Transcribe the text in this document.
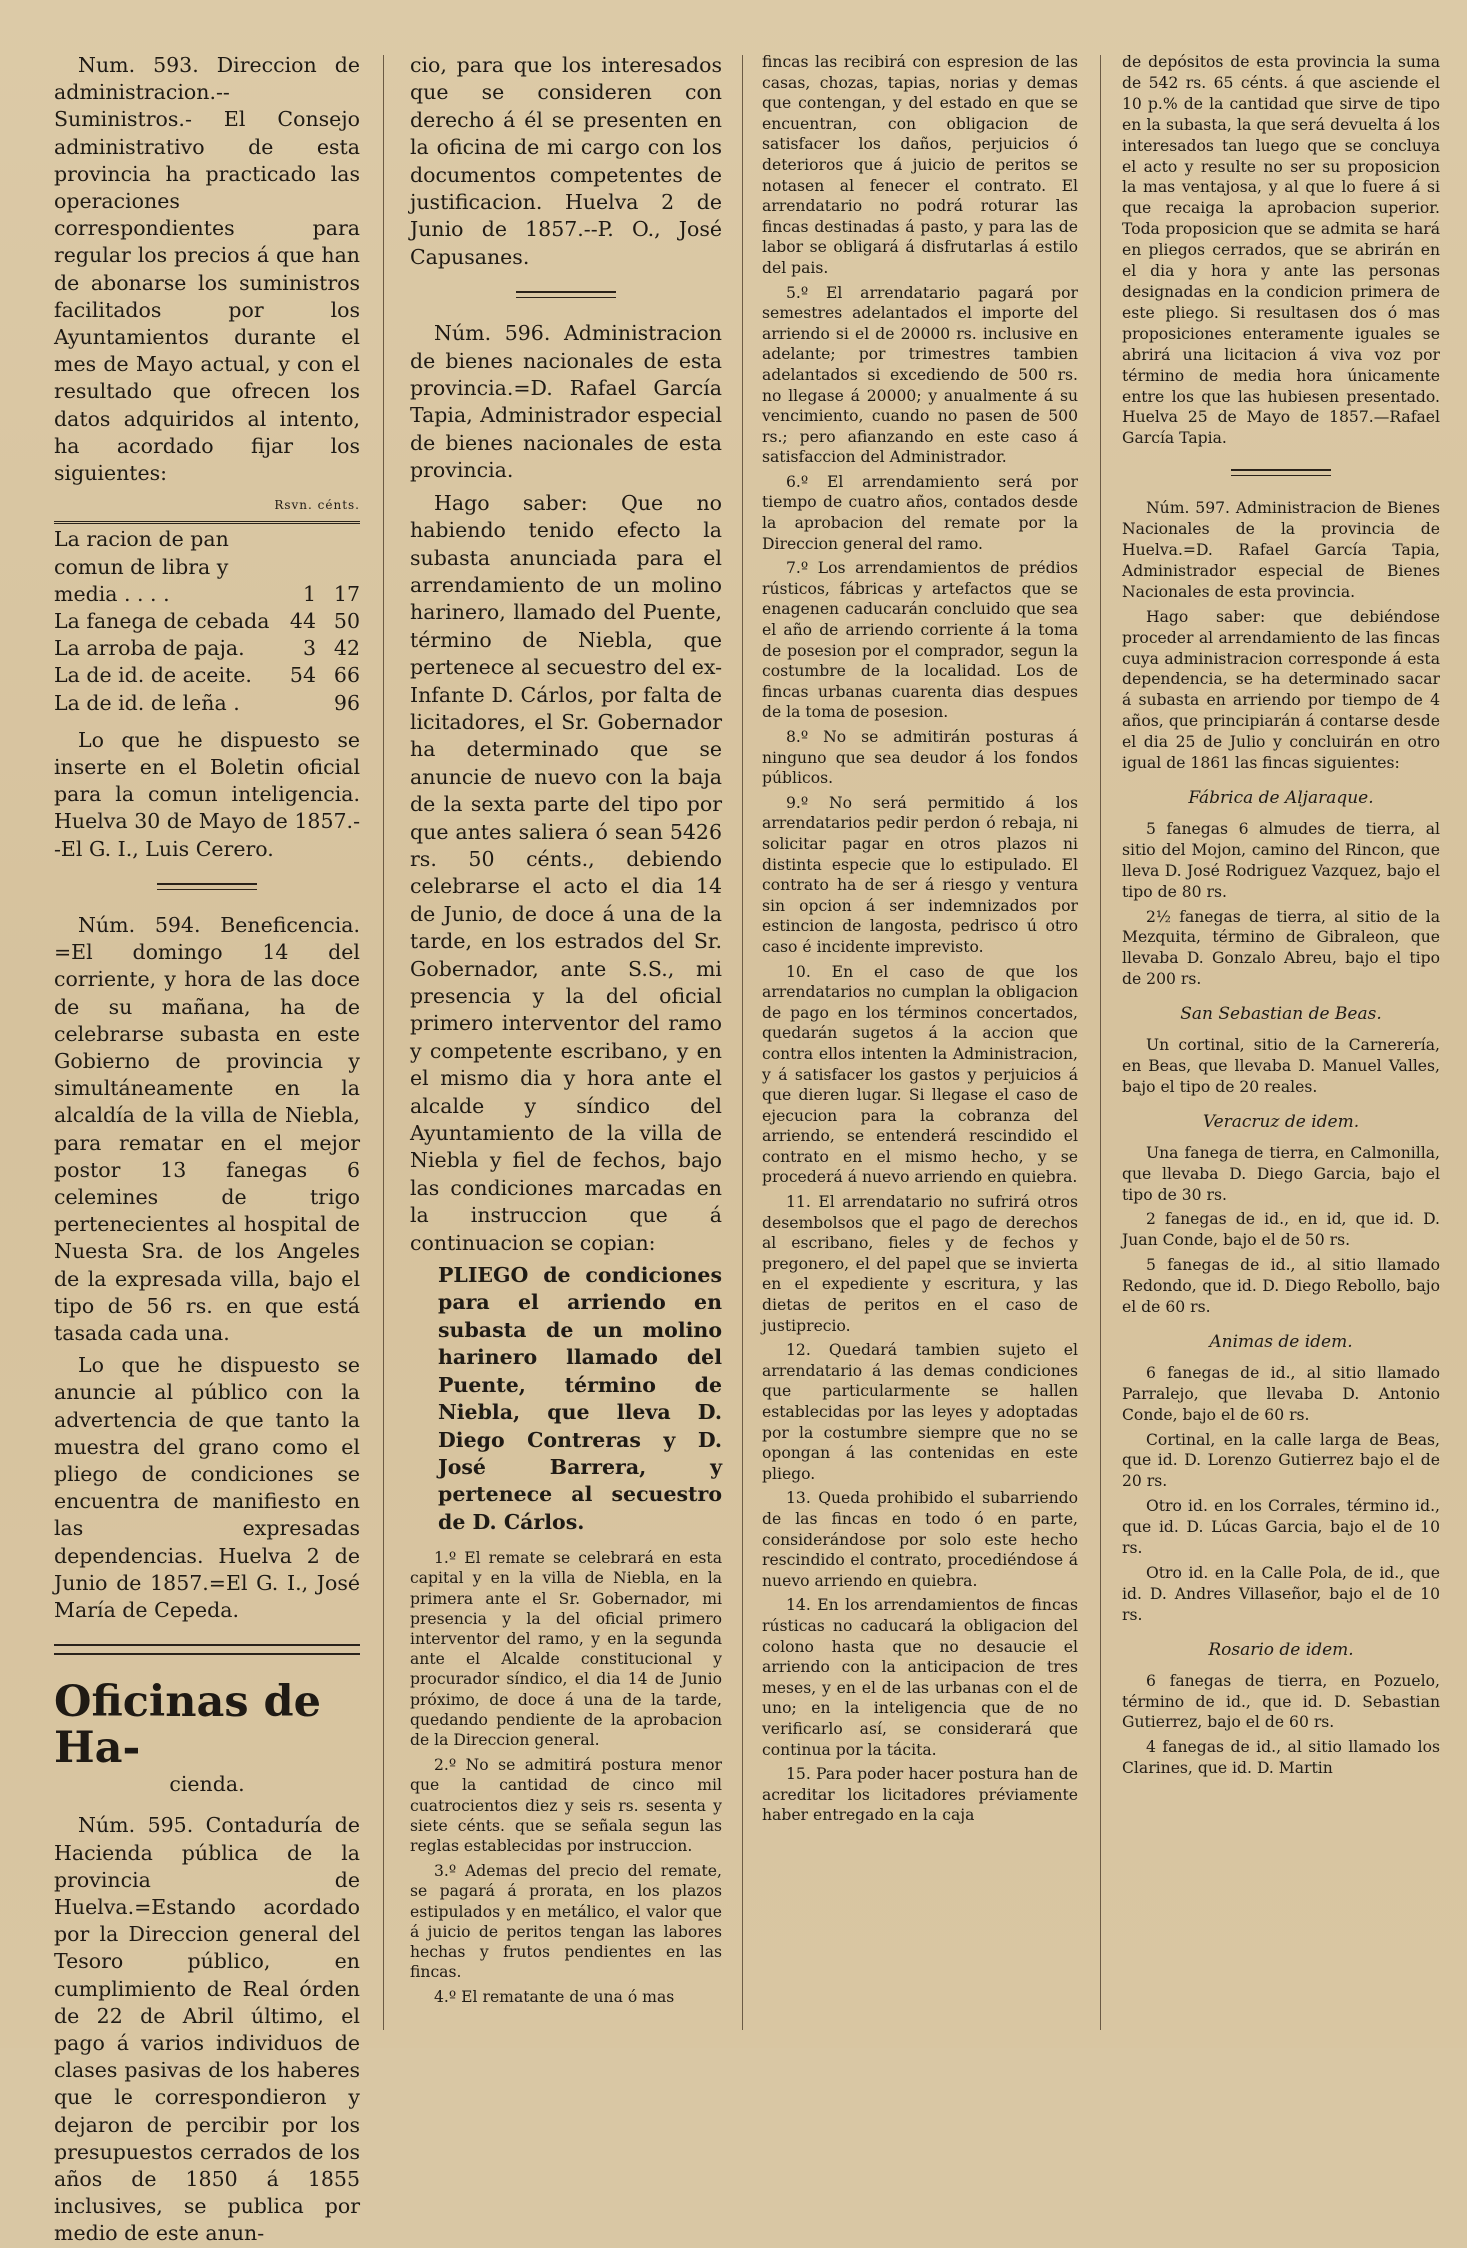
Num. 593. Direccion de administracion.--Suministros.- El Consejo administrativo de esta provincia ha practicado las operaciones correspondientes para regular los precios á que han de abonarse los suministros facilitados por los Ayuntamientos durante el mes de Mayo actual, y con el resultado que ofrecen los datos adquiridos al intento, ha acordado fijar los siguientes:

Rsvn. cénts.
La racion de pan comun de libra y media . . . .	1	17
La fanega de cebada	44	50
La arroba de paja.	3	42
La de id. de aceite.	54	66
La de id. de leña .		96

Lo que he dispuesto se inserte en el Boletin oficial para la comun inteligencia. Huelva 30 de Mayo de 1857.--El G. I., Luis Cerero.

Núm. 594. Beneficencia. =El domingo 14 del corriente, y hora de las doce de su mañana, ha de celebrarse subasta en este Gobierno de provincia y simultáneamente en la alcaldía de la villa de Niebla, para rematar en el mejor postor 13 fanegas 6 celemines de trigo pertenecientes al hospital de Nuesta Sra. de los Angeles de la expresada villa, bajo el tipo de 56 rs. en que está tasada cada una.

Lo que he dispuesto se anuncie al público con la advertencia de que tanto la muestra del grano como el pliego de condiciones se encuentra de manifiesto en las expresadas dependencias. Huelva 2 de Junio de 1857.=El G. I., José María de Cepeda.

Oficinas de Ha-
cienda.

Núm. 595. Contaduría de Hacienda pública de la provincia de Huelva.=Estando acordado por la Direccion general del Tesoro público, en cumplimiento de Real órden de 22 de Abril último, el pago á varios individuos de clases pasivas de los haberes que le correspondieron y dejaron de percibir por los presupuestos cerrados de los años de 1850 á 1855 inclusives, se publica por medio de este anun-

cio, para que los interesados que se consideren con derecho á él se presenten en la oficina de mi cargo con los documentos competentes de justificacion. Huelva 2 de Junio de 1857.--P. O., José Capusanes.

Núm. 596. Administracion de bienes nacionales de esta provincia.=D. Rafael García Tapia, Administrador especial de bienes nacionales de esta provincia.

Hago saber: Que no habiendo tenido efecto la subasta anunciada para el arrendamiento de un molino harinero, llamado del Puente, término de Niebla, que pertenece al secuestro del ex-Infante D. Cárlos, por falta de licitadores, el Sr. Gobernador ha determinado que se anuncie de nuevo con la baja de la sexta parte del tipo por que antes saliera ó sean 5426 rs. 50 cénts., debiendo celebrarse el acto el dia 14 de Junio, de doce á una de la tarde, en los estrados del Sr. Gobernador, ante S.S., mi presencia y la del oficial primero interventor del ramo y competente escribano, y en el mismo dia y hora ante el alcalde y síndico del Ayuntamiento de la villa de Niebla y fiel de fechos, bajo las condiciones marcadas en la instruccion que á continuacion se copian:

PLIEGO de condiciones para el arriendo en subasta de un molino harinero llamado del Puente, término de Niebla, que lleva D. Diego Contreras y D. José Barrera, y pertenece al secuestro de D. Cárlos.

1.º El remate se celebrará en esta capital y en la villa de Niebla, en la primera ante el Sr. Gobernador, mi presencia y la del oficial primero interventor del ramo, y en la segunda ante el Alcalde constitucional y procurador síndico, el dia 14 de Junio próximo, de doce á una de la tarde, quedando pendiente de la aprobacion de la Direccion general.

2.º No se admitirá postura menor que la cantidad de cinco mil cuatrocientos diez y seis rs. sesenta y siete cénts. que se señala segun las reglas establecidas por instruccion.

3.º Ademas del precio del remate, se pagará á prorata, en los plazos estipulados y en metálico, el valor que á juicio de peritos tengan las labores hechas y frutos pendientes en las fincas.

4.º El rematante de una ó mas

fincas las recibirá con espresion de las casas, chozas, tapias, norias y demas que contengan, y del estado en que se encuentran, con obligacion de satisfacer los daños, perjuicios ó deterioros que á juicio de peritos se notasen al fenecer el contrato. El arrendatario no podrá roturar las fincas destinadas á pasto, y para las de labor se obligará á disfrutarlas á estilo del pais.

5.º El arrendatario pagará por semestres adelantados el importe del arriendo si el de 20000 rs. inclusive en adelante; por trimestres tambien adelantados si excediendo de 500 rs. no llegase á 20000; y anualmente á su vencimiento, cuando no pasen de 500 rs.; pero afianzando en este caso á satisfaccion del Administrador.

6.º El arrendamiento será por tiempo de cuatro años, contados desde la aprobacion del remate por la Direccion general del ramo.

7.º Los arrendamientos de prédios rústicos, fábricas y artefactos que se enagenen caducarán concluido que sea el año de arriendo corriente á la toma de posesion por el comprador, segun la costumbre de la localidad. Los de fincas urbanas cuarenta dias despues de la toma de posesion.

8.º No se admitirán posturas á ninguno que sea deudor á los fondos públicos.

9.º No será permitido á los arrendatarios pedir perdon ó rebaja, ni solicitar pagar en otros plazos ni distinta especie que lo estipulado. El contrato ha de ser á riesgo y ventura sin opcion á ser indemnizados por estincion de langosta, pedrisco ú otro caso é incidente imprevisto.

10. En el caso de que los arrendatarios no cumplan la obligacion de pago en los términos concertados, quedarán sugetos á la accion que contra ellos intenten la Administracion, y á satisfacer los gastos y perjuicios á que dieren lugar. Si llegase el caso de ejecucion para la cobranza del arriendo, se entenderá rescindido el contrato en el mismo hecho, y se procederá á nuevo arriendo en quiebra.

11. El arrendatario no sufrirá otros desembolsos que el pago de derechos al escribano, fieles y de fechos y pregonero, el del papel que se invierta en el expediente y escritura, y las dietas de peritos en el caso de justiprecio.

12. Quedará tambien sujeto el arrendatario á las demas condiciones que particularmente se hallen establecidas por las leyes y adoptadas por la costumbre siempre que no se opongan á las contenidas en este pliego.

13. Queda prohibido el subarriendo de las fincas en todo ó en parte, considerándose por solo este hecho rescindido el contrato, procediéndose á nuevo arriendo en quiebra.

14. En los arrendamientos de fincas rústicas no caducará la obligacion del colono hasta que no desaucie el arriendo con la anticipacion de tres meses, y en el de las urbanas con el de uno; en la inteligencia que de no verificarlo así, se considerará que continua por la tácita.

15. Para poder hacer postura han de acreditar los licitadores préviamente haber entregado en la caja

de depósitos de esta provincia la suma de 542 rs. 65 cénts. á que asciende el 10 p.% de la cantidad que sirve de tipo en la subasta, la que será devuelta á los interesados tan luego que se concluya el acto y resulte no ser su proposicion la mas ventajosa, y al que lo fuere á si que recaiga la aprobacion superior. Toda proposicion que se admita se hará en pliegos cerrados, que se abrirán en el dia y hora y ante las personas designadas en la condicion primera de este pliego. Si resultasen dos ó mas proposiciones enteramente iguales se abrirá una licitacion á viva voz por término de media hora únicamente entre los que las hubiesen presentado. Huelva 25 de Mayo de 1857.—Rafael García Tapia.

Núm. 597. Administracion de Bienes Nacionales de la provincia de Huelva.=D. Rafael García Tapia, Administrador especial de Bienes Nacionales de esta provincia.

Hago saber: que debiéndose proceder al arrendamiento de las fincas cuya administracion corresponde á esta dependencia, se ha determinado sacar á subasta en arriendo por tiempo de 4 años, que principiarán á contarse desde el dia 25 de Julio y concluirán en otro igual de 1861 las fincas siguientes:

Fábrica de Aljaraque.

5 fanegas 6 almudes de tierra, al sitio del Mojon, camino del Rincon, que lleva D. José Rodriguez Vazquez, bajo el tipo de 80 rs.

2½ fanegas de tierra, al sitio de la Mezquita, término de Gibraleon, que llevaba D. Gonzalo Abreu, bajo el tipo de 200 rs.

San Sebastian de Beas.

Un cortinal, sitio de la Carnerería, en Beas, que llevaba D. Manuel Valles, bajo el tipo de 20 reales.

Veracruz de idem.

Una fanega de tierra, en Calmonilla, que llevaba D. Diego Garcia, bajo el tipo de 30 rs.

2 fanegas de id., en id, que id. D. Juan Conde, bajo el de 50 rs.

5 fanegas de id., al sitio llamado Redondo, que id. D. Diego Rebollo, bajo el de 60 rs.

Animas de idem.

6 fanegas de id., al sitio llamado Parralejo, que llevaba D. Antonio Conde, bajo el de 60 rs.

Cortinal, en la calle larga de Beas, que id. D. Lorenzo Gutierrez bajo el de 20 rs.

Otro id. en los Corrales, término id., que id. D. Lúcas Garcia, bajo el de 10 rs.

Otro id. en la Calle Pola, de id., que id. D. Andres Villaseñor, bajo el de 10 rs.

Rosario de idem.

6 fanegas de tierra, en Pozuelo, término de id., que id. D. Sebastian Gutierrez, bajo el de 60 rs.

4 fanegas de id., al sitio llamado los Clarines, que id. D. Martin
